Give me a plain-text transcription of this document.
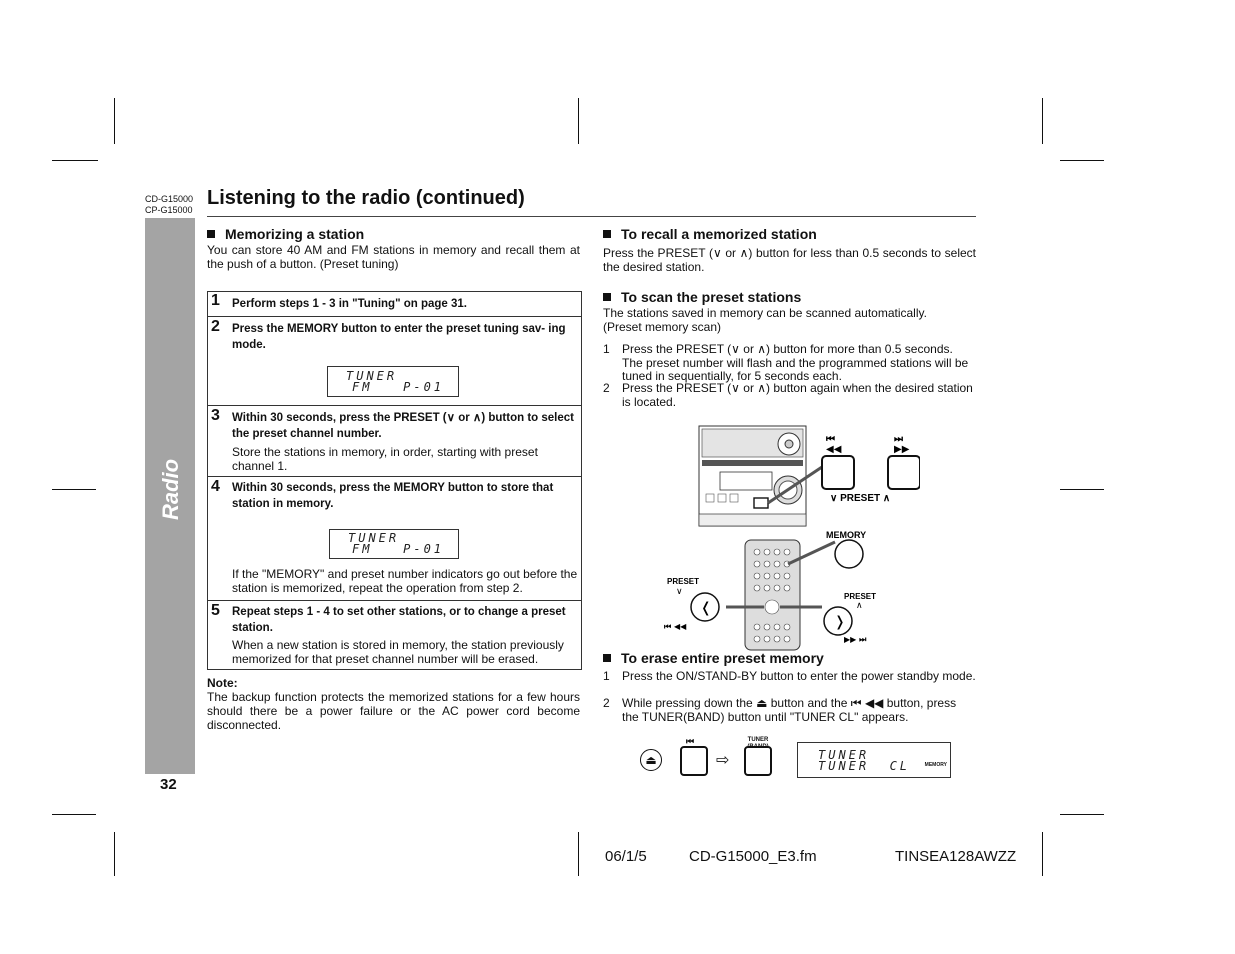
CD-G15000
CP-G15000
Listening to the radio (continued)
Radio
32
Memorizing a station
You can store 40 AM and FM stations in memory and recall them at the push of a button. (Preset tuning)
1 Perform steps 1 - 3 in "Tuning" on page 31.
2 Press the MEMORY button to enter the preset tuning sav- ing mode.
TUNER
FM   P-01
3 Within 30 seconds, press the PRESET (∨ or ∧) button to select the preset channel number.
Store the stations in memory, in order, starting with preset channel 1.
4 Within 30 seconds, press the MEMORY button to store that station in memory.
TUNER
FM   P-01
If the "MEMORY" and preset number indicators go out before the station is memorized, repeat the operation from step 2.
5 Repeat steps 1 - 4 to set other stations, or to change a preset station.
When a new station is stored in memory, the station previously memorized for that preset channel number will be erased.
Note:
The backup function protects the memorized stations for a few hours should there be a power failure or the AC power cord become disconnected.
To recall a memorized station
Press the PRESET (∨ or ∧) button for less than 0.5 seconds to select the desired station.
To scan the preset stations
The stations saved in memory can be scanned automatically. (Preset memory scan)
1 Press the PRESET (∨ or ∧) button for more than 0.5 seconds. The preset number will flash and the programmed stations will be tuned in sequentially, for 5 seconds each.
2 Press the PRESET (∨ or ∧) button again when the desired station is located.
⏮
◀◀
⏭
▶▶
∨ PRESET ∧
MEMORY
❬
❭
PRESET
∨	PRESET
∧
⏮ ◀◀
▶▶ ⏭
To erase entire preset memory
1 Press the ON/STAND-BY button to enter the power standby mode.
2 While pressing down the ⏏ button and the ⏮ ◀◀ button, press the TUNER(BAND) button until "TUNER CL" appears.
⏏
⏮
⇨
TUNER
TUNER
TUNER  CL	MEMORY
06/1/5	CD-G15000_E3.fm	TINSEA128AWZZ
